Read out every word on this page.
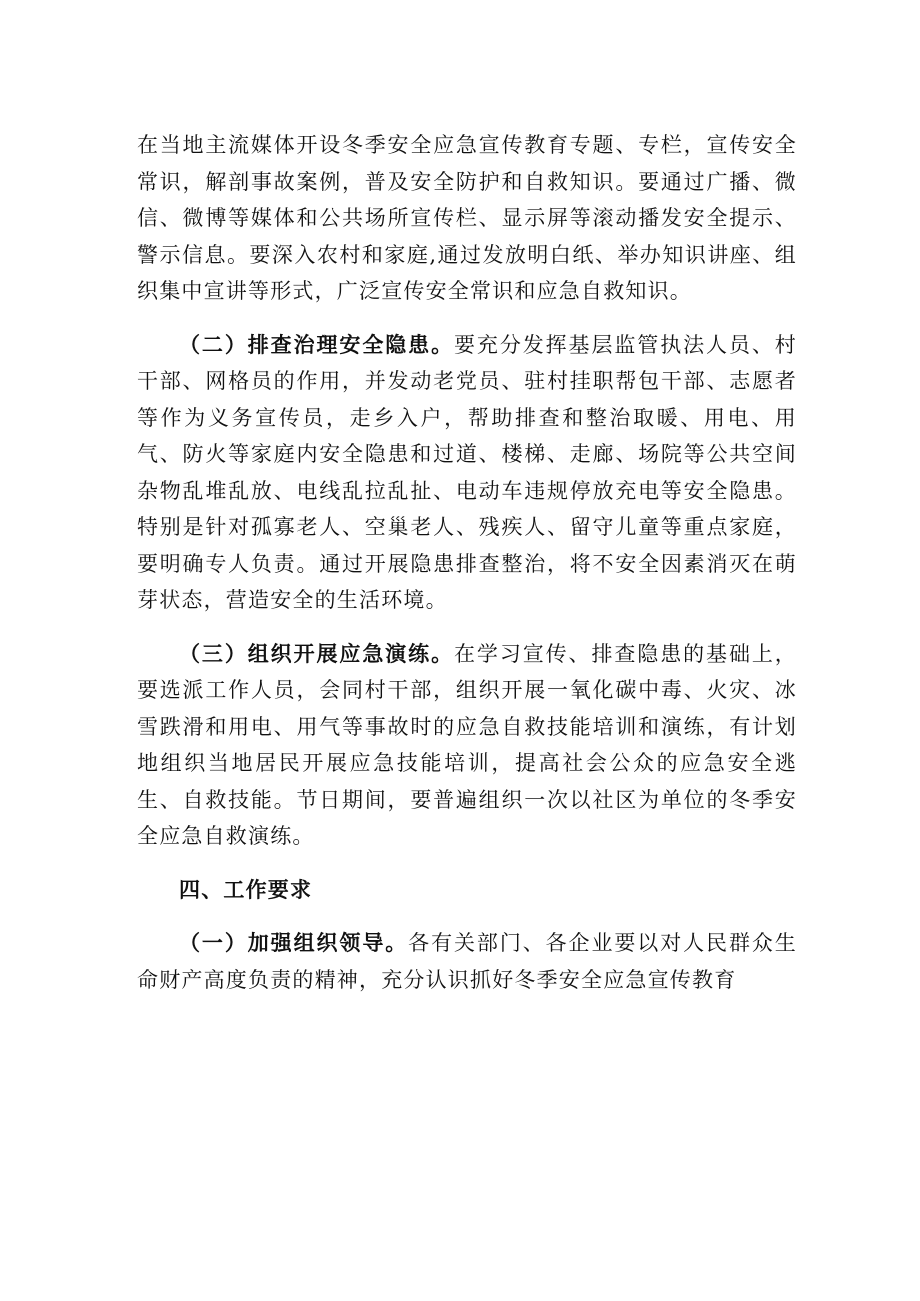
在当地主流媒体开设冬季安全应急宣传教育专题、专栏，宣传安全常识，解剖事故案例，普及安全防护和自救知识。要通过广播、微信、微博等媒体和公共场所宣传栏、显示屏等滚动播发安全提示、警示信息。要深入农村和家庭,通过发放明白纸、举办知识讲座、组织集中宣讲等形式，广泛宣传安全常识和应急自救知识。

（二）排查治理安全隐患。要充分发挥基层监管执法人员、村干部、网格员的作用，并发动老党员、驻村挂职帮包干部、志愿者等作为义务宣传员，走乡入户，帮助排查和整治取暖、用电、用气、防火等家庭内安全隐患和过道、楼梯、走廊、场院等公共空间杂物乱堆乱放、电线乱拉乱扯、电动车违规停放充电等安全隐患。特别是针对孤寡老人、空巢老人、残疾人、留守儿童等重点家庭，要明确专人负责。通过开展隐患排查整治，将不安全因素消灭在萌芽状态，营造安全的生活环境。

（三）组织开展应急演练。在学习宣传、排查隐患的基础上，要选派工作人员，会同村干部，组织开展一氧化碳中毒、火灾、冰雪跌滑和用电、用气等事故时的应急自救技能培训和演练，有计划地组织当地居民开展应急技能培训，提高社会公众的应急安全逃生、自救技能。节日期间，要普遍组织一次以社区为单位的冬季安全应急自救演练。

四、工作要求

（一）加强组织领导。各有关部门、各企业要以对人民群众生命财产高度负责的精神，充分认识抓好冬季安全应急宣传教育
